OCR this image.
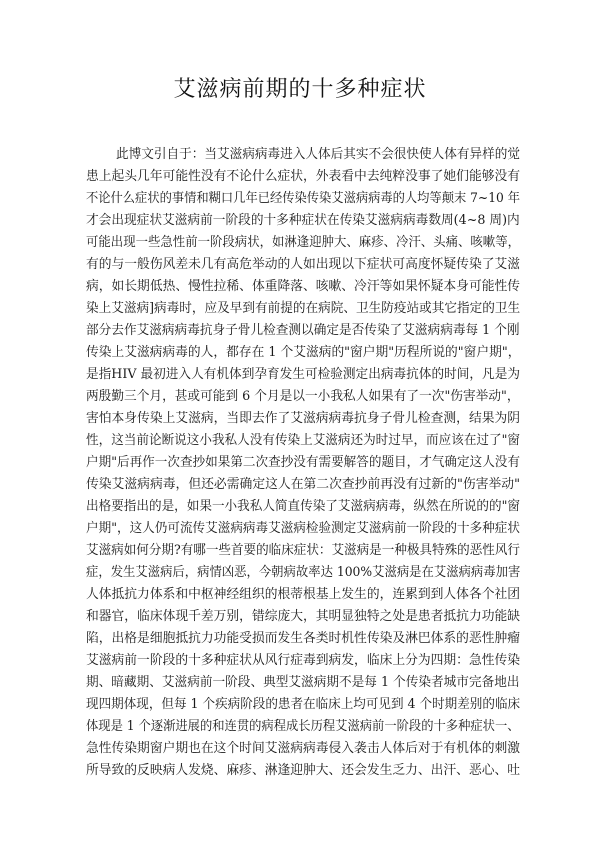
艾滋病前期的十多种症状

此博文引自于：当艾滋病病毒进入人体后其实不会很快使人体有异样的觉

患上起头几年可能性没有不论什么症状，外表看中去纯粹没事了她们能够没有

不论什么症状的事情和糊口几年已经传染传染艾滋病病毒的人均等颠末 7~10 年

才会出现症状艾滋病前一阶段的十多种症状在传染艾滋病病毒数周(4~8 周)内

可能出现一些急性前一阶段病状，如淋逢迎肿大、麻疹、冷汗、头痛、咳嗽等，

有的与一般伤风差未几有高危举动的人如出现以下症状可高度怀疑传染了艾滋

病，如长期低热、慢性拉稀、体重降落、咳嗽、冷汗等如果怀疑本身可能性传

染上艾滋病]病毒时，应及早到有前提的在病院、卫生防疫站或其它指定的卫生

部分去作艾滋病病毒抗身子骨儿检查测以确定是否传染了艾滋病病毒每 1 个刚

传染上艾滋病病毒的人，都存在 1 个艾滋病的"窗户期"历程所说的"窗户期"，

是指HIV 最初进入人有机体到孕育发生可检验测定出病毒抗体的时间，凡是为

两殷勤三个月，甚或可能到 6 个月是以一小我私人如果有了一次"伤害举动"，

害怕本身传染上艾滋病，当即去作了艾滋病病毒抗身子骨儿检查测，结果为阴

性，这当前论断说这小我私人没有传染上艾滋病还为时过早，而应该在过了"窗

户期"后再作一次查抄如果第二次查抄没有需要解答的题目，才气确定这人没有

传染艾滋病病毒，但还必需确定这人在第二次查抄前再没有过新的"伤害举动"

出格要指出的是，如果一小我私人简直传染了艾滋病病毒，纵然在所说的的"窗

户期"，这人仍可流传艾滋病病毒艾滋病检验测定艾滋病前一阶段的十多种症状

艾滋病如何分期?有哪一些首要的临床症状：艾滋病是一种极具特殊的恶性风行

症，发生艾滋病后，病情凶恶，今朝病故率达 100%艾滋病是在艾滋病病毒加害

人体抵抗力体系和中枢神经组织的根蒂根基上发生的，连累到到人体各个社团

和器官，临床体现千差万别，错综庞大，其明显独特之处是患者抵抗力功能缺

陷，出格是细胞抵抗力功能受损而发生各类时机性传染及淋巴体系的恶性肿瘤

艾滋病前一阶段的十多种症状从风行症毒到病发，临床上分为四期：急性传染

期、暗藏期、艾滋病前一阶段、典型艾滋病期不是每 1 个传染者城市完备地出

现四期体现，但每 1 个疾病阶段的患者在临床上均可见到 4 个时期差别的临床

体现是 1 个逐渐进展的和连贯的病程成长历程艾滋病前一阶段的十多种症状一、

急性传染期窗户期也在这个时间艾滋病病毒侵入袭击人体后对于有机体的刺激

所导致的反映病人发烧、麻疹、淋逢迎肿大、还会发生乏力、出汗、恶心、吐
